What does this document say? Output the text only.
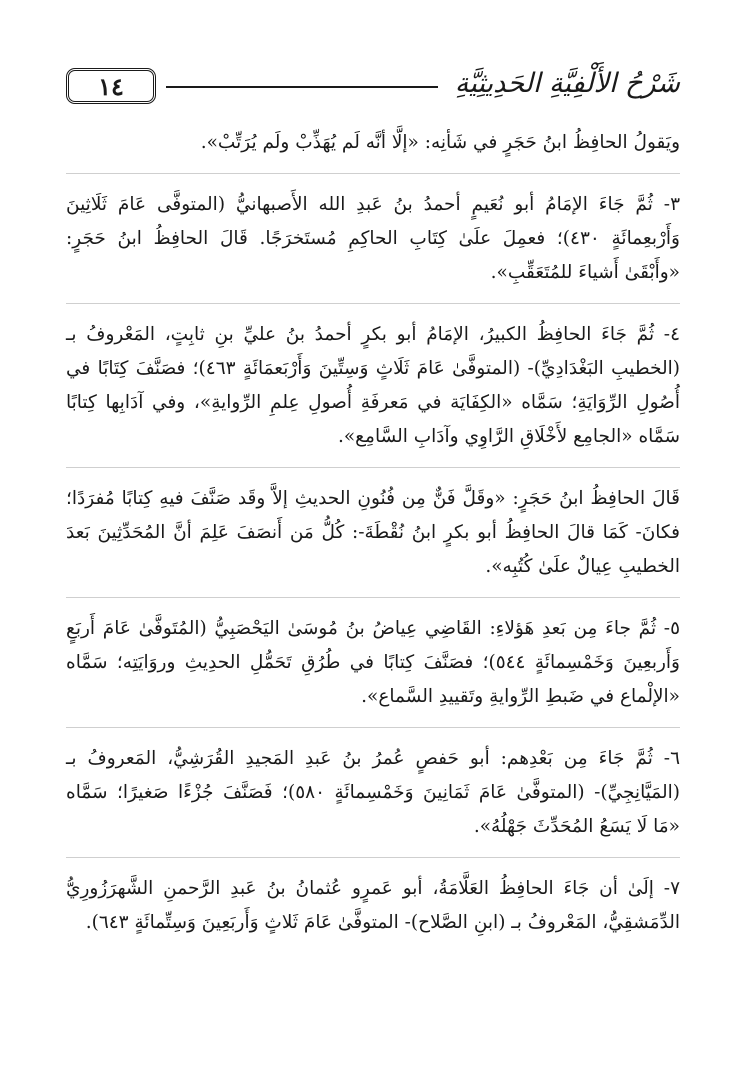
١٤	شَرْحُ الأَلْفِيَّةِ الحَدِيثِيَّةِ

ويَقولُ الحافِظُ ابنُ حَجَرٍ في شَأنِه: «إلَّا أنَّه لَم يُهَذِّبْ ولَم يُرَتِّبْ».

٣- ثُمَّ جَاءَ الإمَامُ أبو نُعَيمٍ أحمدُ بنُ عَبدِ الله الأَصبهانيُّ (المتوفَّى عَامَ ثَلَاثِينَ وَأَرْبعِمائَةٍ ٤٣٠)؛ فعمِلَ علَىٰ كِتَابِ الحاكِمِ مُستَخرَجًا. قَالَ الحافِظُ ابنُ حَجَرٍ: «وأَبْقَىٰ أَشياءَ للمُتَعَقِّبِ».

٤- ثُمَّ جَاءَ الحافِظُ الكبيرُ، الإمَامُ أبو بكرٍ أحمدُ بنُ عليِّ بنِ ثابِتٍ، المَعْروفُ بـ (الخطيبِ البَغْدَادِيِّ)- (المتوفَّىٰ عَامَ ثَلَاثٍ وَسِتِّينَ وَأَرْبَعمَائَةٍ ٤٦٣)؛ فصَنَّفَ كِتَابًا في أُصُولِ الرِّوَايَةِ؛ سَمَّاه «الكِفَايَة في مَعرفَةِ أُصولِ عِلمِ الرِّوايةِ»، وفي آدَابِها كِتابًا سَمَّاه «الجامِع لأَخْلَاقِ الرَّاوِي وآدَابِ السَّامِع».

قَالَ الحافِظُ ابنُ حَجَرٍ: «وقَلَّ فَنٌّ مِن فُنُونِ الحديثِ إلاَّ وقَد صَنَّفَ فيهِ كِتابًا مُفرَدًا؛ فكانَ- كَمَا قالَ الحافِظُ أبو بكرٍ ابنُ نُقْطَةَ-: كُلُّ مَن أَنصَفَ عَلِمَ أنَّ المُحَدِّثِينَ بَعدَ الخطيبِ عِيالٌ علَىٰ كُتُبِه».

٥- ثُمَّ جاءَ مِن بَعدِ هَؤلاءِ: القَاضِي عِياضُ بنُ مُوسَىٰ اليَحْصَبِيُّ (المُتَوفَّىٰ عَامَ أَربَعٍ وَأَربعِينَ وَخَمْسِمائَةٍ ٥٤٤)؛ فصَنَّفَ كِتابًا في طُرُقِ تَحَمُّلِ الحدِيثِ وروَايَتِه؛ سَمَّاه «الإلْماع في ضَبطِ الرِّوايةِ وتَقييدِ السَّماع».

٦- ثُمَّ جَاءَ مِن بَعْدِهم: أبو حَفصٍ عُمرُ بنُ عَبدِ المَجيدِ القُرَشِيُّ، المَعروفُ بـ (المَيَّانِجِيِّ)- (المتوفَّىٰ عَامَ ثَمَانِينَ وَخَمْسِمائَةٍ ٥٨٠)؛ فَصَنَّفَ جُزْءًا صَغيرًا؛ سَمَّاه «مَا لَا يَسَعُ المُحَدِّثَ جَهْلُهُ».

٧- إلَىٰ أن جَاءَ الحافِظُ العَلَّامَةُ، أبو عَمرٍو عُثمانُ بنُ عَبدِ الرَّحمنِ الشَّهرَزُورِيُّ الدِّمَشقِيُّ، المَعْروفُ بـ (ابنِ الصَّلاح)- المتوفَّىٰ عَامَ ثَلاثٍ وَأَربَعِينَ وَسِتِّمائَةٍ ٦٤٣).
